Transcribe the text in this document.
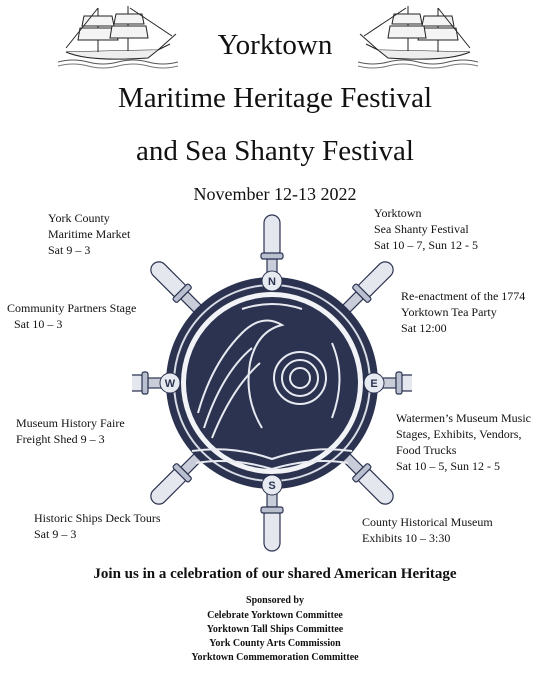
Yorktown
Maritime Heritage Festival
and Sea Shanty Festival
November 12-13 2022
N
S
E
W
York County
Maritime Market
Sat 9 – 3
Community Partners Stage
Sat 10 – 3
Museum History Faire
Freight Shed 9 – 3
Historic Ships Deck Tours
Sat 9 – 3
Yorktown
Sea Shanty Festival
Sat 10 – 7, Sun 12 - 5
Re-enactment of the 1774
Yorktown Tea Party
Sat 12:00
Watermen’s Museum Music
Stages, Exhibits, Vendors,
Food Trucks
Sat 10 – 5, Sun 12 - 5
County Historical Museum
Exhibits 10 – 3:30
Join us in a celebration of our shared American Heritage
Sponsored by
Celebrate Yorktown Committee
Yorktown Tall Ships Committee
York County Arts Commission
Yorktown Commemoration Committee
